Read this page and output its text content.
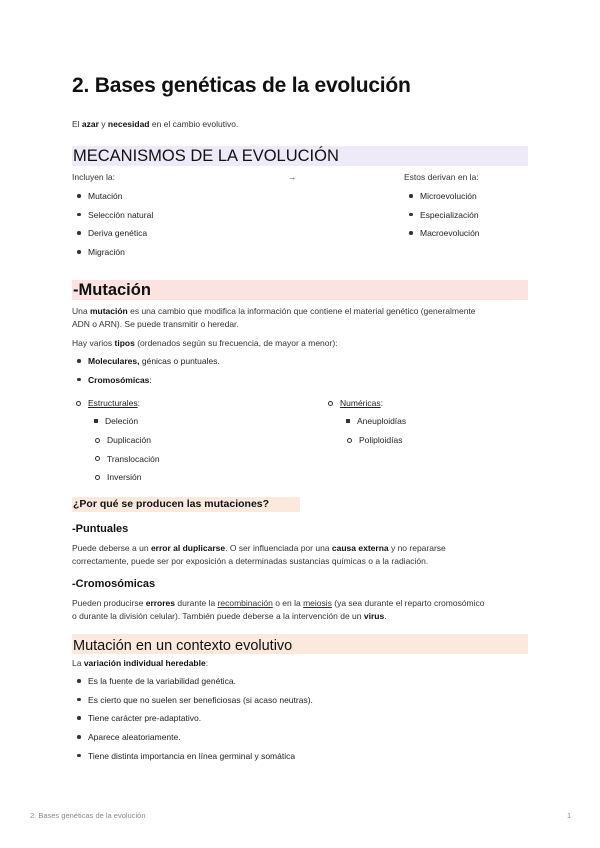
2. Bases genéticas de la evolución
El azar y necesidad en el cambio evolutivo.
MECANISMOS DE LA EVOLUCIÓN
Incluyen la:	→	Estos derivan en la:
Mutación
Selección natural
Deriva genética
Migración
Microevolución
Especialización
Macroevolución
-Mutación
Una mutación es una cambio que modifica la información que contiene el material genético (generalmente
ADN o ARN). Se puede transmitir o heredar.
Hay varios tipos (ordenados según su frecuencia, de mayor a menor):
Moleculares, génicas o puntuales.
Cromosómicas:
Estructurales:
Deleción
Duplicación
Translocación
Inversión
Numéricas:
Aneuploidías
Poliploidías
¿Por qué se producen las mutaciones?
-Puntuales
Puede deberse a un error al duplicarse. O ser influenciada por una causa externa y no repararse
correctamente, puede ser por exposición a determinadas sustancias químicas o a la radiación.
-Cromosómicas
Pueden producirse errores durante la recombinación o en la meiosis (ya sea durante el reparto cromosómico
o durante la división celular). También puede deberse a la intervención de un virus.
Mutación en un contexto evolutivo
La variación individual heredable:
Es la fuente de la variabilidad genética.
Es cierto que no suelen ser beneficiosas (si acaso neutras).
Tiene carácter pre-adaptativo.
Aparece aleatoriamente.
Tiene distinta importancia en línea germinal y somática
2. Bases genéticas de la evolución	1
